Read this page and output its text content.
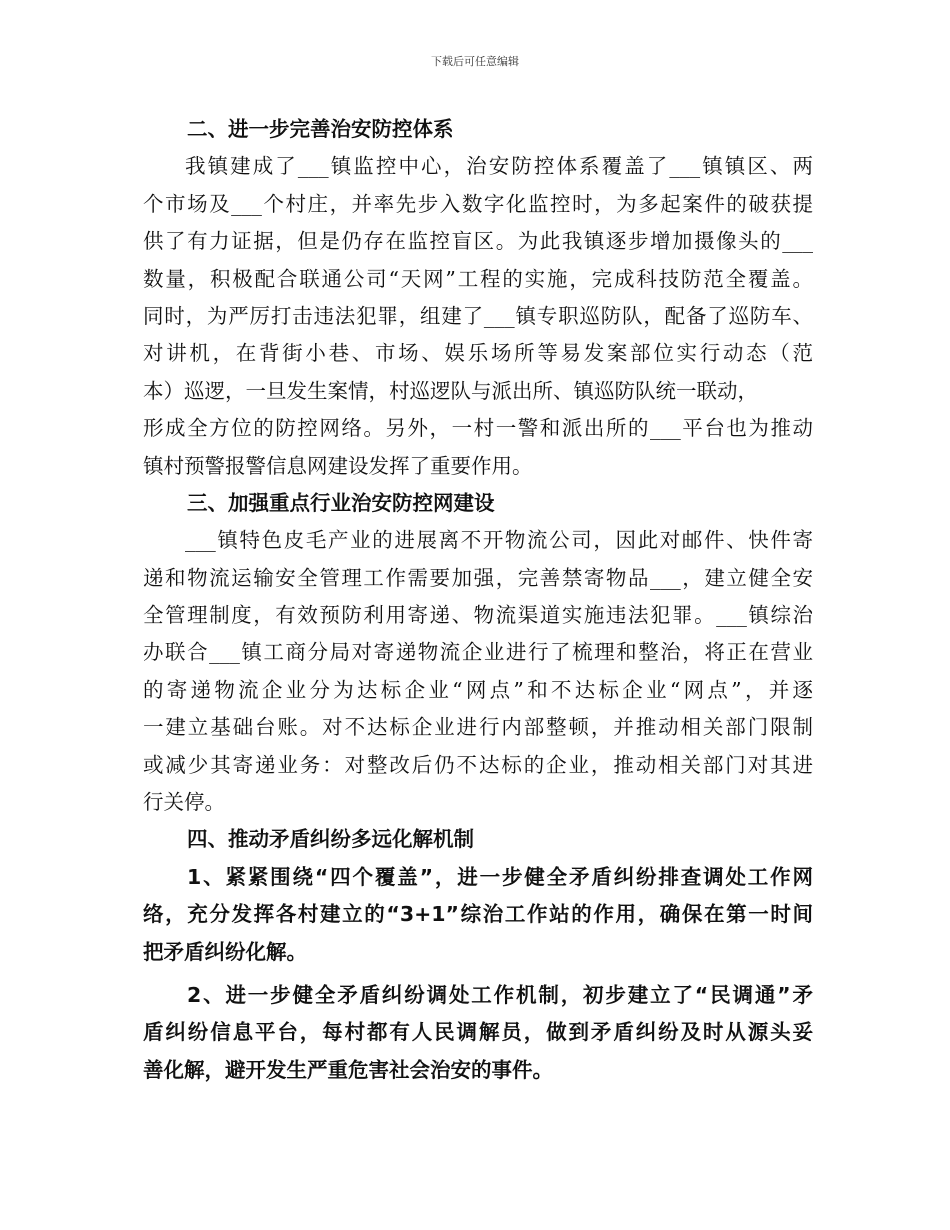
下载后可任意编辑
二、进一步完善治安防控体系
我镇建成了___镇监控中心，治安防控体系覆盖了___镇镇区、两
个市场及___个村庄，并率先步入数字化监控时，为多起案件的破获提
供了有力证据，但是仍存在监控盲区。为此我镇逐步增加摄像头的___
数量，积极配合联通公司“天网”工程的实施，完成科技防范全覆盖。
同时，为严厉打击违法犯罪，组建了___镇专职巡防队，配备了巡防车、
对讲机，在背街小巷、市场、娱乐场所等易发案部位实行动态（范
本）巡逻，一旦发生案情，村巡逻队与派出所、镇巡防队统一联动，
形成全方位的防控网络。另外，一村一警和派出所的___平台也为推动
镇村预警报警信息网建设发挥了重要作用。
三、加强重点行业治安防控网建设
___镇特色皮毛产业的进展离不开物流公司，因此对邮件、快件寄
递和物流运输安全管理工作需要加强，完善禁寄物品___，建立健全安
全管理制度，有效预防利用寄递、物流渠道实施违法犯罪。___镇综治
办联合___镇工商分局对寄递物流企业进行了梳理和整治，将正在营业
的寄递物流企业分为达标企业“网点”和不达标企业“网点”，并逐
一建立基础台账。对不达标企业进行内部整顿，并推动相关部门限制
或减少其寄递业务：对整改后仍不达标的企业，推动相关部门对其进
行关停。
四、推动矛盾纠纷多远化解机制
1、紧紧围绕“四个覆盖”，进一步健全矛盾纠纷排查调处工作网
络，充分发挥各村建立的“3+1”综治工作站的作用，确保在第一时间
把矛盾纠纷化解。
2、进一步健全矛盾纠纷调处工作机制，初步建立了“民调通”矛
盾纠纷信息平台，每村都有人民调解员，做到矛盾纠纷及时从源头妥
善化解，避开发生严重危害社会治安的事件。
